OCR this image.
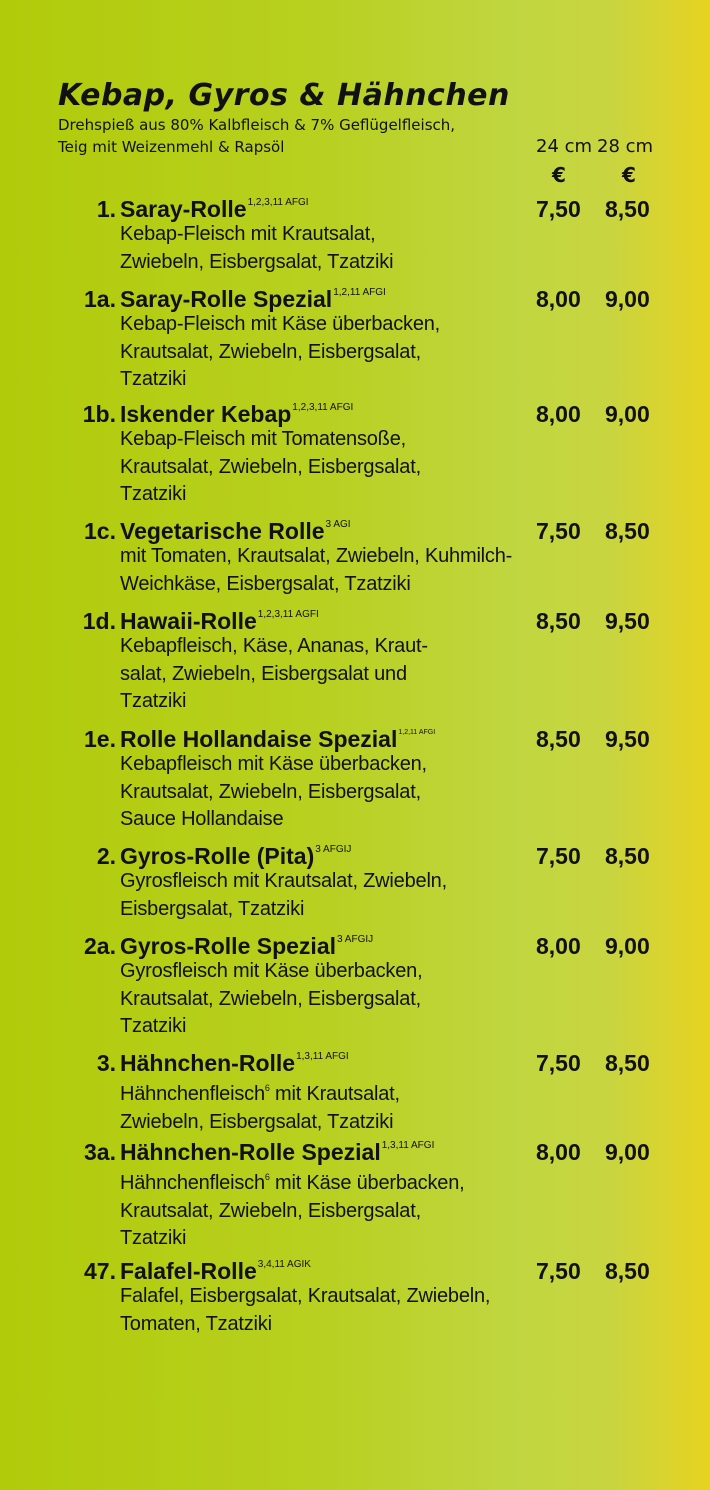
Kebap, Gyros & Hähnchen
Drehspieß aus 80% Kalbfleisch & 7% Geflügelfleisch,
Teig mit Weizenmehl & Rapsöl	24 cm 28 cm
€	€
1. Saray-Rolle$^{1,2,3,11 AFGI}$
Kebap-Fleisch mit Krautsalat,
Zwiebeln, Eisbergsalat, Tzatziki
7,50 8,50
1a. Saray-Rolle Spezial$^{1,2,11 AFGI}$
Kebap-Fleisch mit Käse überbacken,
Krautsalat, Zwiebeln, Eisbergsalat,
Tzatziki
8,00 9,00
1b. Iskender Kebap$^{1,2,3,11 AFGI}$
Kebap-Fleisch mit Tomatensoße,
Krautsalat, Zwiebeln, Eisbergsalat,
Tzatziki
8,00 9,00
1c. Vegetarische Rolle$^{3 AGI}$
mit Tomaten, Krautsalat, Zwiebeln, Kuhmilch-
Weichkäse, Eisbergsalat, Tzatziki
7,50 8,50
1d. Hawaii-Rolle$^{1,2,3,11 AGFI}$
Kebapfleisch, Käse, Ananas, Kraut-
salat, Zwiebeln, Eisbergsalat und
Tzatziki
8,50 9,50
1e. Rolle Hollandaise Spezial$^{1,2,11 AFGI}$
Kebapfleisch mit Käse überbacken,
Krautsalat, Zwiebeln, Eisbergsalat,
Sauce Hollandaise
8,50 9,50
2. Gyros-Rolle (Pita)$^{3 AFGIJ}$
Gyrosfleisch mit Krautsalat, Zwiebeln,
Eisbergsalat, Tzatziki
7,50 8,50
2a. Gyros-Rolle Spezial$^{3 AFGIJ}$
Gyrosfleisch mit Käse überbacken,
Krautsalat, Zwiebeln, Eisbergsalat,
Tzatziki
8,00 9,00
3. Hähnchen-Rolle$^{1,3,11 AFGI}$
Hähnchenfleisch$^6$ mit Krautsalat,
Zwiebeln, Eisbergsalat, Tzatziki
7,50 8,50
3a. Hähnchen-Rolle Spezial$^{1,3,11 AFGI}$
Hähnchenfleisch$^6$ mit Käse überbacken,
Krautsalat, Zwiebeln, Eisbergsalat,
Tzatziki
8,00 9,00
47. Falafel-Rolle$^{3,4,11 AGIK}$
Falafel, Eisbergsalat, Krautsalat, Zwiebeln,
Tomaten, Tzatziki
7,50 8,50
